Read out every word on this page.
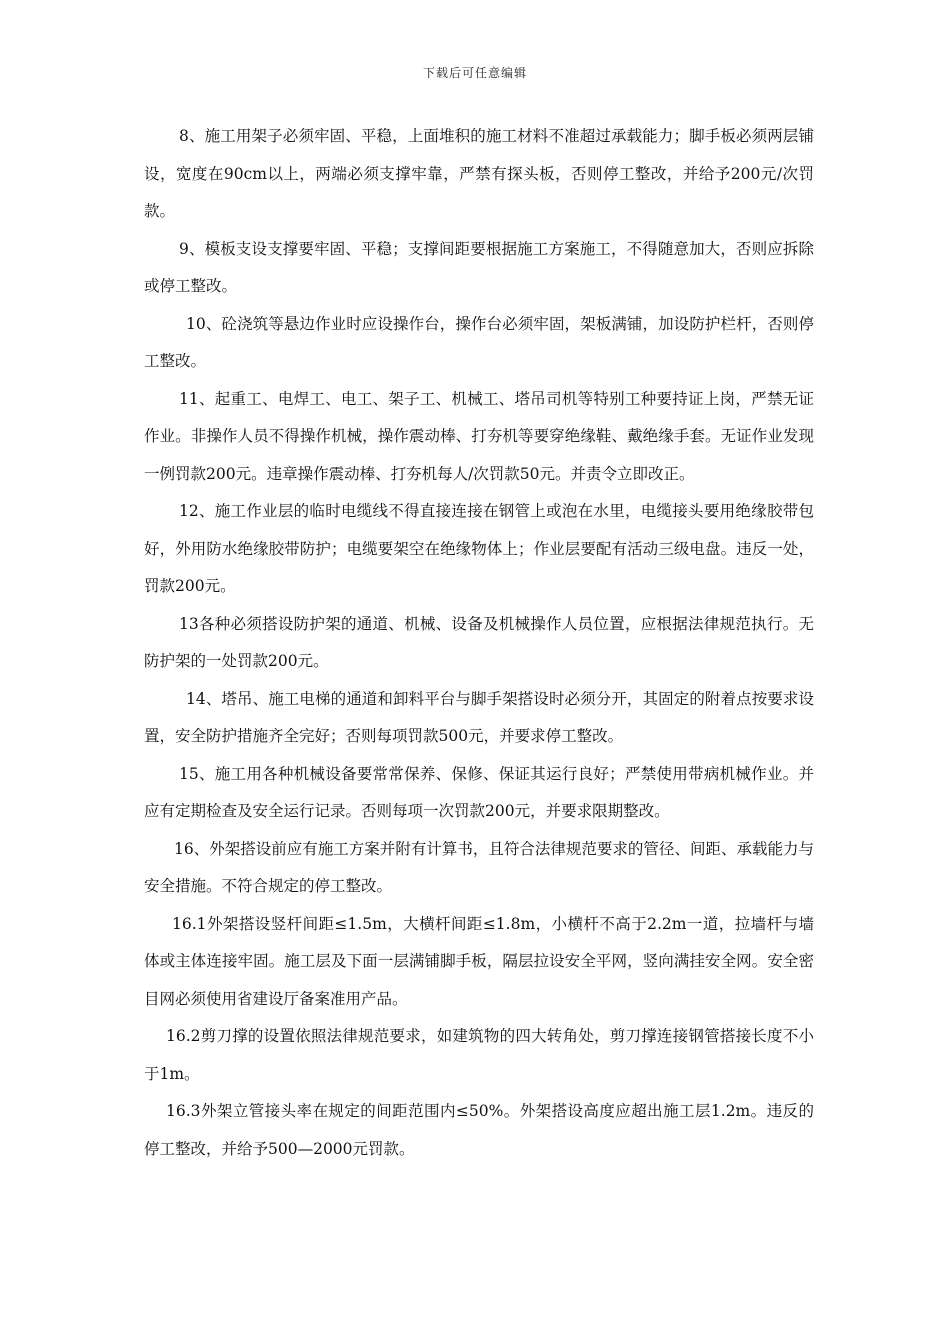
下载后可任意编辑

8、施工用架子必须牢固、平稳，上面堆积的施工材料不准超过承载能力；脚手板必须两层铺设，宽度在90cm以上，两端必须支撑牢靠，严禁有探头板，否则停工整改，并给予200元/次罚款。

9、模板支设支撑要牢固、平稳；支撑间距要根据施工方案施工，不得随意加大，否则应拆除或停工整改。

10、砼浇筑等悬边作业时应设操作台，操作台必须牢固，架板满铺，加设防护栏杆，否则停工整改。

11、起重工、电焊工、电工、架子工、机械工、塔吊司机等特别工种要持证上岗，严禁无证作业。非操作人员不得操作机械，操作震动棒、打夯机等要穿绝缘鞋、戴绝缘手套。无证作业发现一例罚款200元。违章操作震动棒、打夯机每人/次罚款50元。并责令立即改正。

12、施工作业层的临时电缆线不得直接连接在钢管上或泡在水里，电缆接头要用绝缘胶带包好，外用防水绝缘胶带防护；电缆要架空在绝缘物体上；作业层要配有活动三级电盘。违反一处，罚款200元。

13各种必须搭设防护架的通道、机械、设备及机械操作人员位置，应根据法律规范执行。无防护架的一处罚款200元。

14、塔吊、施工电梯的通道和卸料平台与脚手架搭设时必须分开，其固定的附着点按要求设置，安全防护措施齐全完好；否则每项罚款500元，并要求停工整改。

15、施工用各种机械设备要常常保养、保修、保证其运行良好；严禁使用带病机械作业。并应有定期检查及安全运行记录。否则每项一次罚款200元，并要求限期整改。

16、外架搭设前应有施工方案并附有计算书，且符合法律规范要求的管径、间距、承载能力与安全措施。不符合规定的停工整改。

16.1外架搭设竖杆间距≤1.5m，大横杆间距≤1.8m，小横杆不高于2.2m一道，拉墙杆与墙体或主体连接牢固。施工层及下面一层满铺脚手板，隔层拉设安全平网，竖向满挂安全网。安全密目网必须使用省建设厅备案准用产品。

16.2剪刀撑的设置依照法律规范要求，如建筑物的四大转角处，剪刀撑连接钢管搭接长度不小于1m。

16.3外架立管接头率在规定的间距范围内≤50%。外架搭设高度应超出施工层1.2m。违反的停工整改，并给予500—2000元罚款。
